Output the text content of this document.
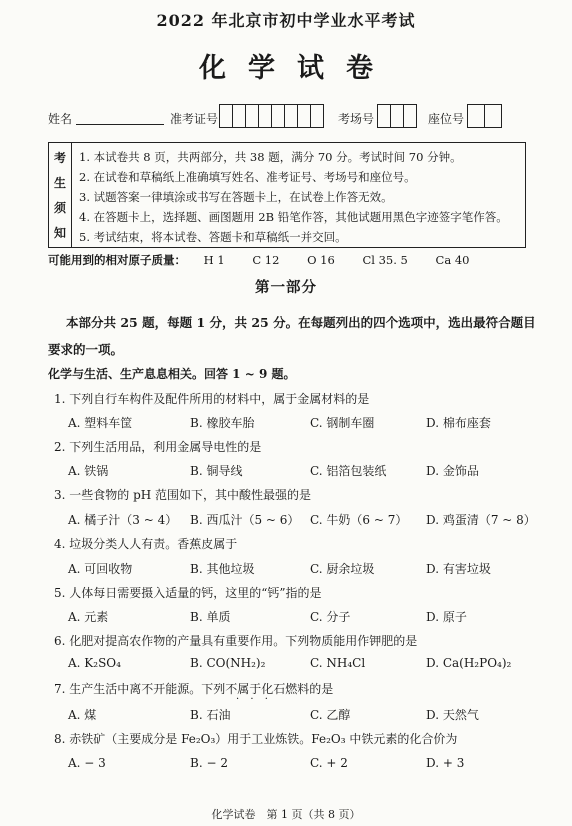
2022 年北京市初中学业水平考试
化学试卷
姓名	准考证号	考场号	座位号
考
生
须
知
1. 本试卷共 8 页，共两部分，共 38 题，满分 70 分。考试时间 70 分钟。
2. 在试卷和草稿纸上准确填写姓名、准考证号、考场号和座位号。
3. 试题答案一律填涂或书写在答题卡上，在试卷上作答无效。
4. 在答题卡上，选择题、画图题用 2B 铅笔作答，其他试题用黑色字迹签字笔作答。
5. 考试结束，将本试卷、答题卡和草稿纸一并交回。
可能用到的相对原子质量： H 1 C 12 O 16 Cl 35. 5 Ca 40
第一部分
本部分共 25 题，每题 1 分，共 25 分。在每题列出的四个选项中，选出最符合题目
要求的一项。
化学与生活、生产息息相关。回答 1 ~ 9 题。
1. 下列自行车构件及配件所用的材料中，属于金属材料的是
A. 塑料车筐	B. 橡胶车胎	C. 钢制车圈	D. 棉布座套
2. 下列生活用品，利用金属导电性的是
A. 铁锅	B. 铜导线	C. 铝箔包装纸	D. 金饰品
3. 一些食物的 pH 范围如下，其中酸性最强的是
A. 橘子汁（3 ~ 4） B. 西瓜汁（5 ~ 6） C. 牛奶（6 ~ 7） D. 鸡蛋清（7 ~ 8）
4. 垃圾分类人人有责。香蕉皮属于
A. 可回收物	B. 其他垃圾	C. 厨余垃圾	D. 有害垃圾
5. 人体每日需要摄入适量的钙，这里的“钙”指的是
A. 元素	B. 单质	C. 分子	D. 原子
6. 化肥对提高农作物的产量具有重要作用。下列物质能用作钾肥的是
A. K₂SO₄	B. CO(NH₂)₂	C. NH₄Cl	D. Ca(H₂PO₄)₂
7. 生产生活中离不开能源。下列不属于化石燃料的是
· · ·
A. 煤	B. 石油	C. 乙醇	D. 天然气
8. 赤铁矿（主要成分是 Fe₂O₃）用于工业炼铁。Fe₂O₃ 中铁元素的化合价为
A. − 3	B. − 2	C. + 2	D. + 3
化学试卷　第 1 页（共 8 页）
